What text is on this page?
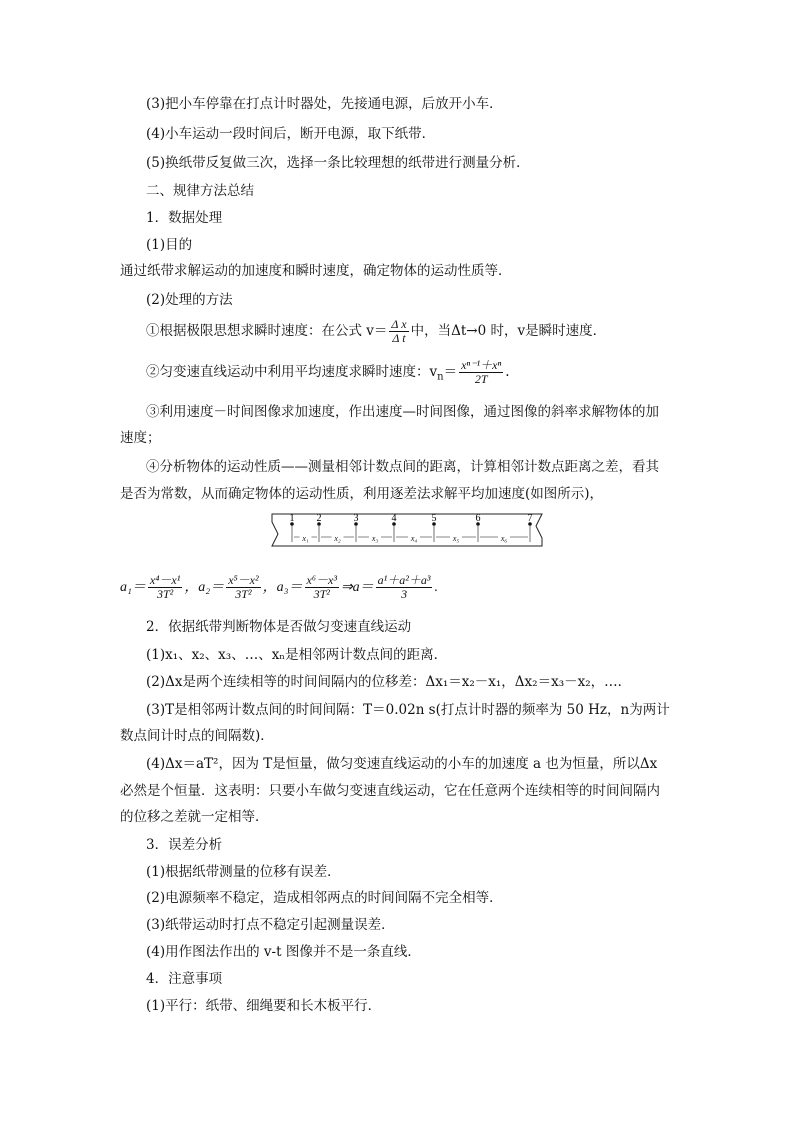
(3)把小车停靠在打点计时器处，先接通电源，后放开小车．
(4)小车运动一段时间后，断开电源，取下纸带．
(5)换纸带反复做三次，选择一条比较理想的纸带进行测量分析．
二、规律方法总结
1．数据处理
(1)目的
通过纸带求解运动的加速度和瞬时速度，确定物体的运动性质等．
(2)处理的方法
①根据极限思想求瞬时速度：在公式 $v= \frac{\text{Δ x}}{\text{Δ t}}$ 中，当Δt→0 时，v是瞬时速度．
②匀变速直线运动中利用平均速度求瞬时速度：$v_n= \frac{\text{xⁿ⁻¹＋xⁿ}}{2T}$ .
③利用速度－时间图像求加速度，作出速度—时间图像，通过图像的斜率求解物体的加
速度；
④分析物体的运动性质——测量相邻计数点间的距离，计算相邻计数点距离之差，看其
是否为常数，从而确定物体的运动性质，利用逐差法求解平均加速度(如图所示)，
1 2	3	4	5	6	7
x₁	x₂	x₃	x₄	x₅	x₆
$a_1= \frac{\text{x⁴－x¹}}{\text{3T²}}$ ，$a_2= \frac{\text{x⁵－x²}}{\text{3T²}}$ ，$a_3= \frac{\text{x⁶－x³}}{\text{3T²}}$ ⇒a＝ $\frac{\text{a¹＋a²＋a³}}{3}$ .
2．依据纸带判断物体是否做匀变速直线运动
(1)x₁、x₂、x₃、…、xₙ是相邻两计数点间的距离．
(2)Δx是两个连续相等的时间间隔内的位移差：Δx₁＝x₂－x₁，Δx₂＝x₃－x₂，…．
(3)T是相邻两计数点间的时间间隔：T＝0.02n s(打点计时器的频率为 50 Hz，n为两计
数点间计时点的间隔数)．
(4)Δx＝aT²，因为 T是恒量，做匀变速直线运动的小车的加速度 a 也为恒量，所以Δx
必然是个恒量．这表明：只要小车做匀变速直线运动，它在任意两个连续相等的时间间隔内
的位移之差就一定相等．
3．误差分析
(1)根据纸带测量的位移有误差．
(2)电源频率不稳定，造成相邻两点的时间间隔不完全相等．
(3)纸带运动时打点不稳定引起测量误差．
(4)用作图法作出的 v-t 图像并不是一条直线．
4．注意事项
(1)平行：纸带、细绳要和长木板平行．
